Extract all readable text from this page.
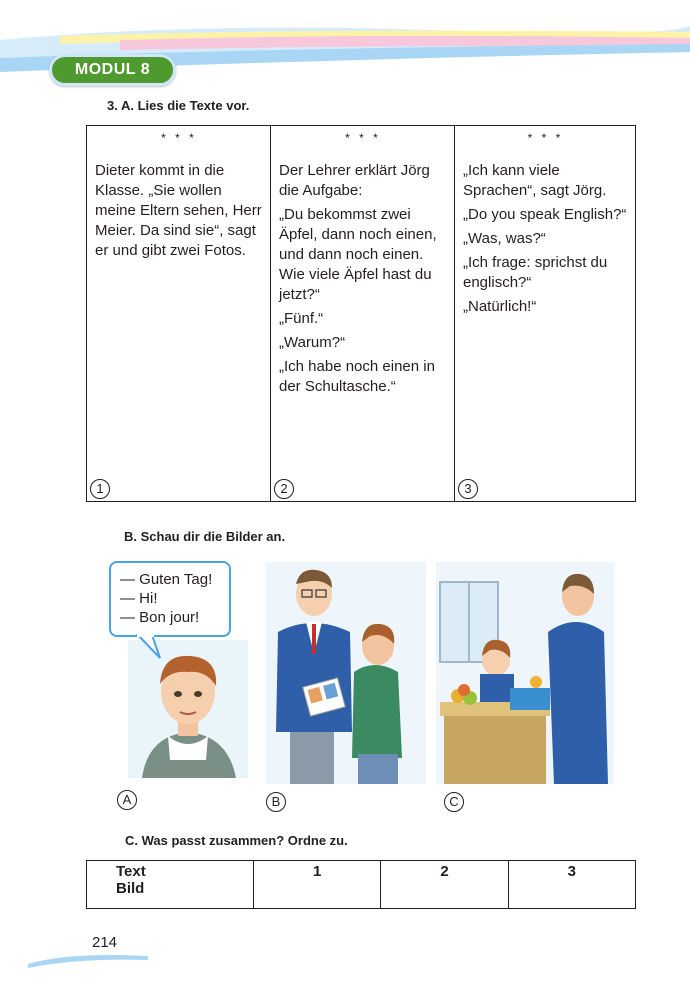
MODUL 8
3. A. Lies die Texte vor.
* * *
Dieter kommt in die Klasse. „Sie wollen meine Eltern sehen, Herr Meier. Da sind sie“, sagt er und gibt zwei Fotos.
1
* * *
Der Lehrer erklärt Jörg die Aufgabe:
„Du bekommst zwei Äpfel, dann noch einen, und dann noch einen. Wie viele Äpfel hast du jetzt?“
„Fünf.“
„Warum?“
„Ich habe noch einen in der Schultasche.“
2
* * *
„Ich kann viele Sprachen“, sagt Jörg.
„Do you speak English?“
„Was, was?“
„Ich frage: sprichst du englisch?“
„Natürlich!“
3
B. Schau dir die Bilder an.
— Guten Tag!
— Hi!
— Bon jour!
A	B	C
C. Was passt zusammen? Ordne zu.
Text
Bild
	1	2	3
214
